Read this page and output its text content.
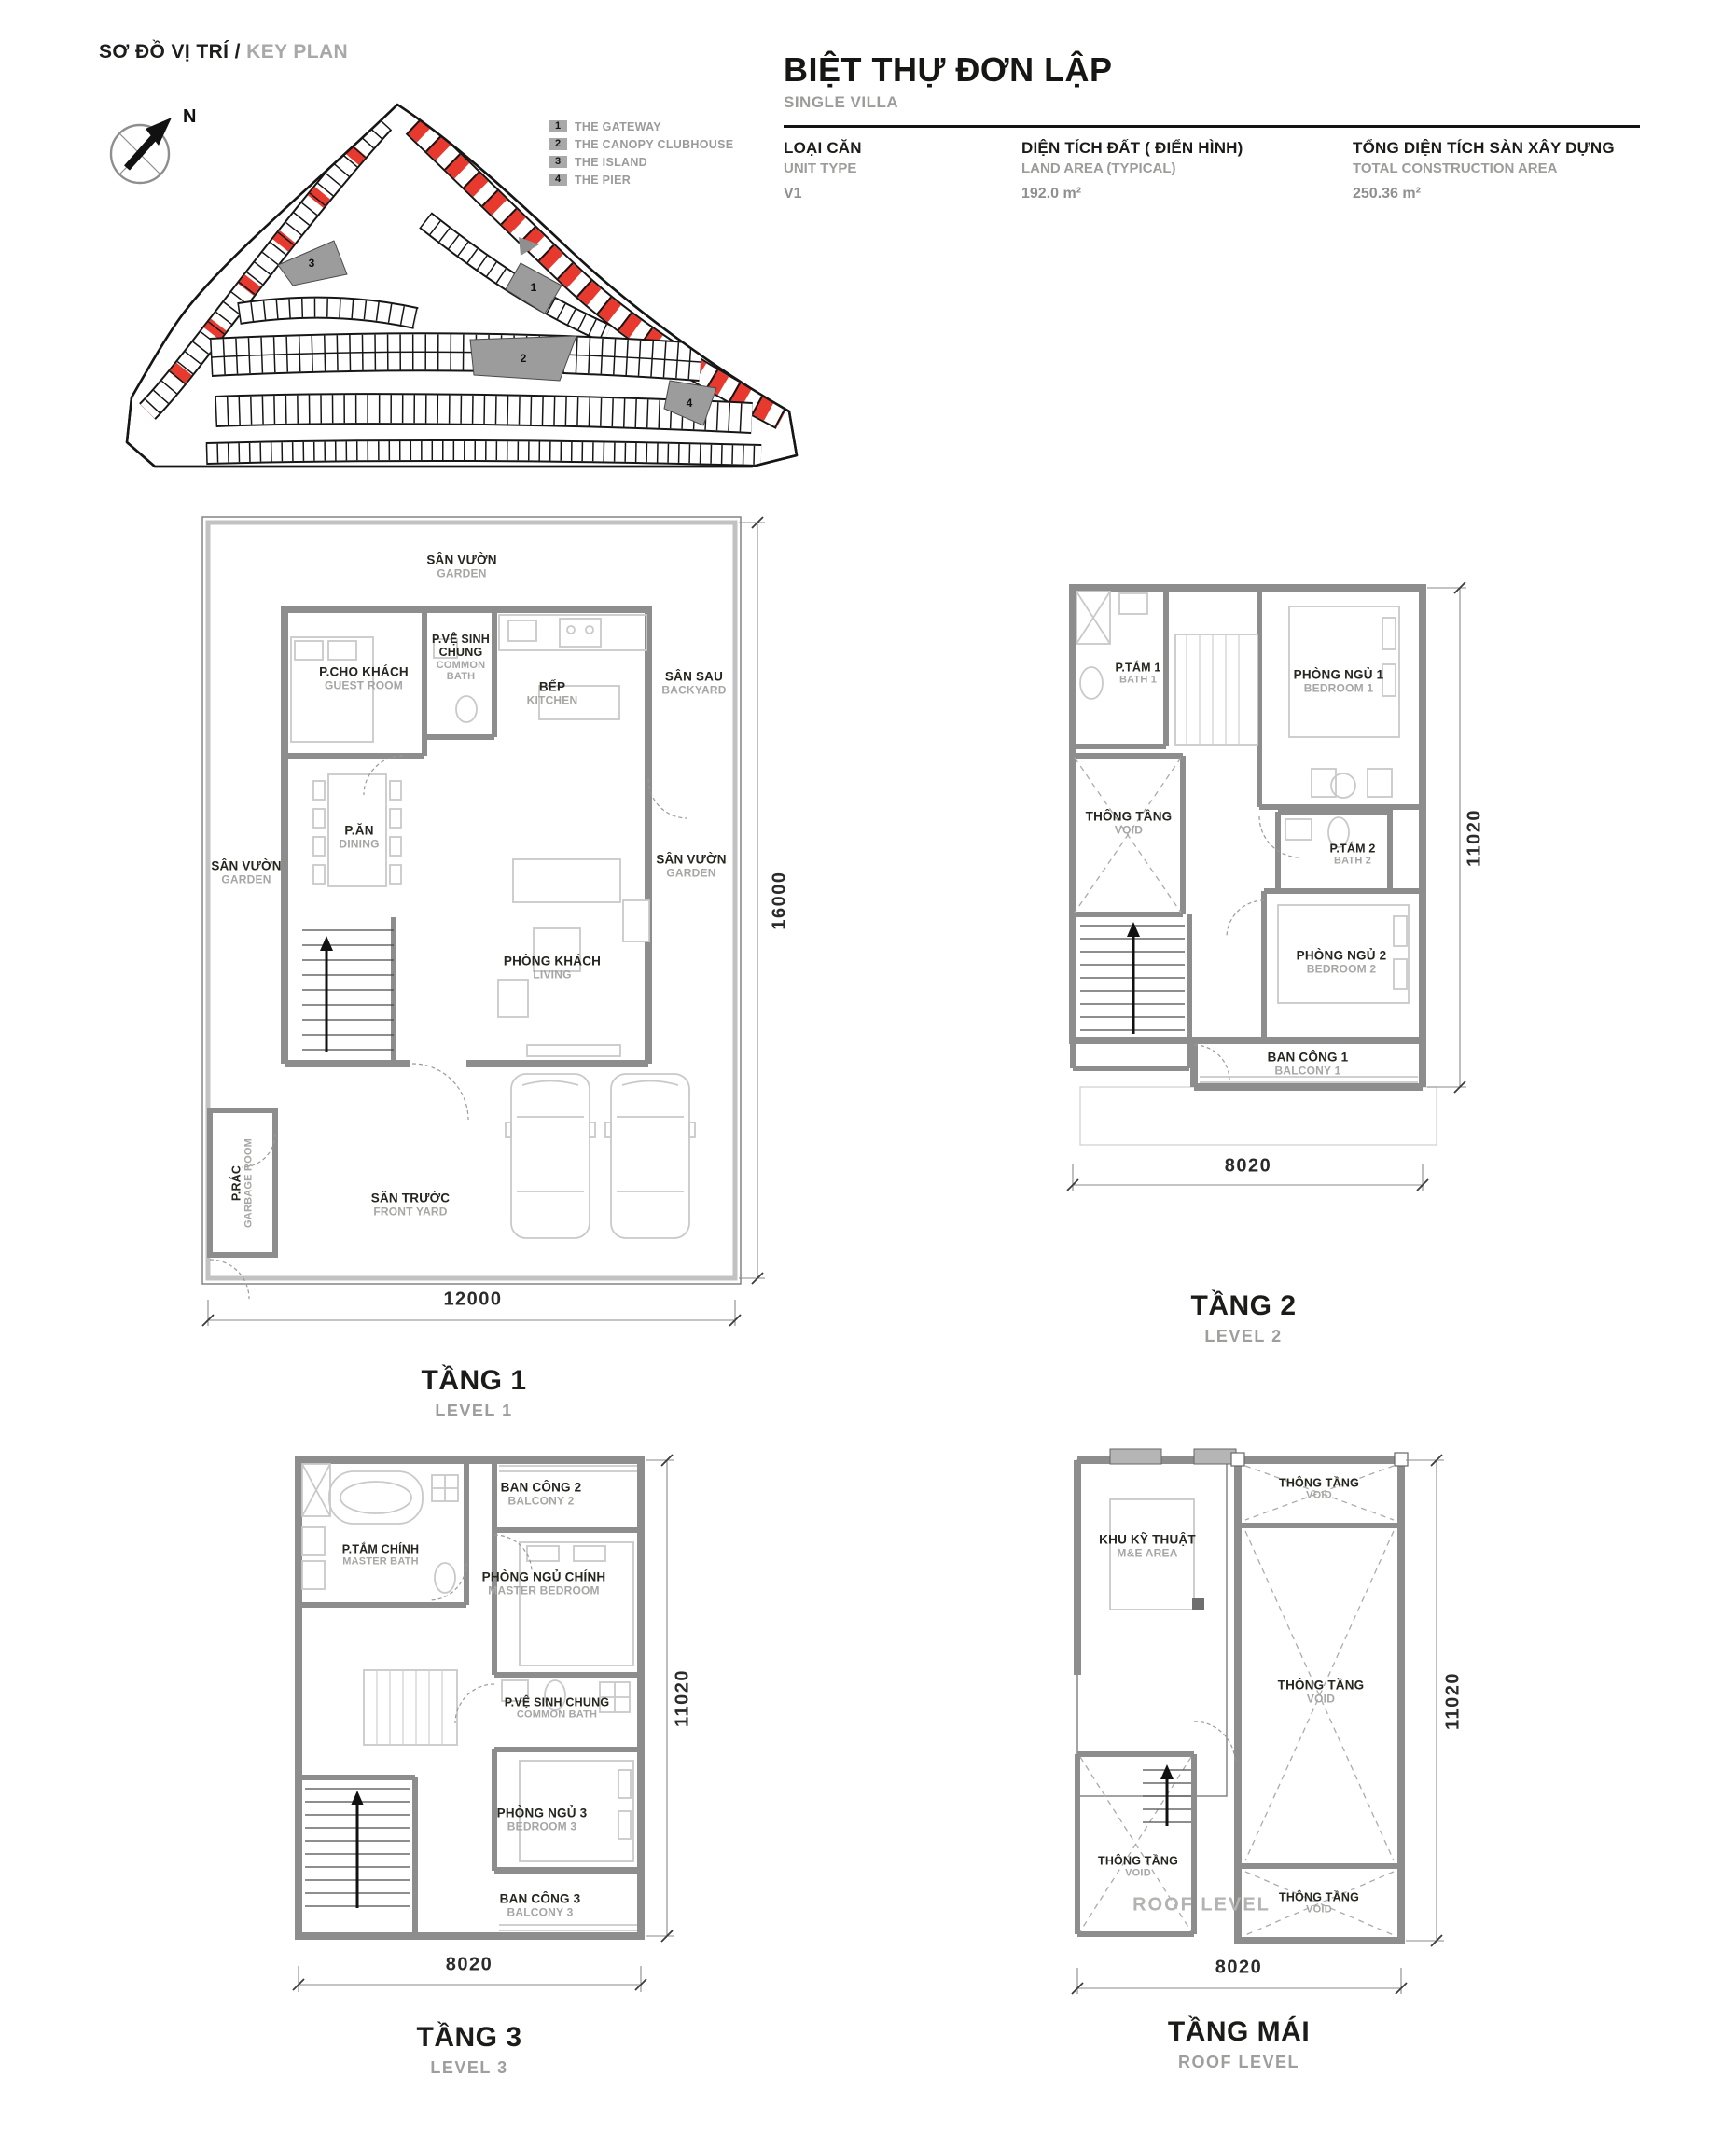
SƠ ĐỒ VỊ TRÍ / KEY PLAN
N
3
1
2
4
1	THE GATEWAY
2	THE CANOPY CLUBHOUSE
3	THE ISLAND
4	THE PIER
BIỆT THỰ ĐƠN LẬP
SINGLE VILLA
LOẠI CĂN
UNIT TYPE
V1
DIỆN TÍCH ĐẤT ( ĐIỂN HÌNH)
LAND AREA (TYPICAL)
192.0 m²
TỔNG DIỆN TÍCH SÀN XÂY DỰNG
TOTAL CONSTRUCTION AREA
250.36 m²
SÂN VƯỜN
GARDEN
P.CHO KHÁCH
GUEST ROOM
P.VỆ SINH CHUNG
COMMON BATH
BẾP
KITCHEN
SÂN SAU
BACKYARD
SÂN VƯỜN
GARDEN
P.ĂN
DINING
PHÒNG KHÁCH
LIVING
SÂN VƯỜN
GARDEN
P.RÁC GARBAGE ROOM	SÂN TRƯỚC
FRONT YARD
16000
12000
TẦNG 1
LEVEL 1
P.TẮM 1
BATH 1	PHÒNG NGỦ 1
BEDROOM 1
THÔNG TẦNG
VOID
P.TẮM 2
BATH 2
PHÒNG NGỦ 2
BEDROOM 2
BAN CÔNG 1
BALCONY 1
11020
8020
TẦNG 2
LEVEL 2
P.TẮM CHÍNH
MASTER BATH
BAN CÔNG 2
BALCONY 2
PHÒNG NGỦ CHÍNH
MASTER BEDROOM
P.VỆ SINH CHUNG
COMMON BATH
PHÒNG NGỦ 3
BEDROOM 3
BAN CÔNG 3
BALCONY 3
11020
8020
TẦNG 3
LEVEL 3
THÔNG TẦNG
VOID
KHU KỸ THUẬT
M&E AREA
THÔNG TẦNG
VOID
THÔNG TẦNG
VOID
ROOF LEVEL THÔNG TẦNG
VOID
11020
8020
TẦNG MÁI
ROOF LEVEL
